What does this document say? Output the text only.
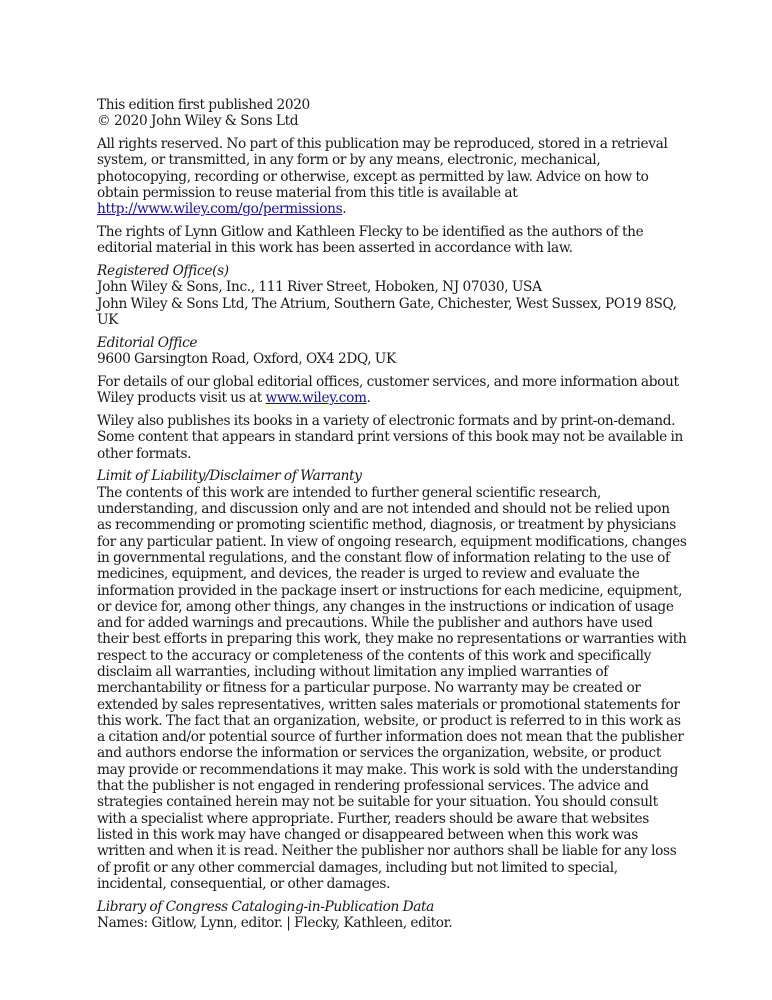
This edition first published 2020
© 2020 John Wiley & Sons Ltd

All rights reserved. No part of this publication may be reproduced, stored in a retrieval system, or transmitted, in any form or by any means, electronic, mechanical, photocopying, recording or otherwise, except as permitted by law. Advice on how to obtain permission to reuse material from this title is available at http://www.wiley.com/go/permissions.

The rights of Lynn Gitlow and Kathleen Flecky to be identified as the authors of the editorial material in this work has been asserted in accordance with law.

Registered Office(s)
John Wiley & Sons, Inc., 111 River Street, Hoboken, NJ 07030, USA
John Wiley & Sons Ltd, The Atrium, Southern Gate, Chichester, West Sussex, PO19 8SQ, UK
Editorial Office
9600 Garsington Road, Oxford, OX4 2DQ, UK

For details of our global editorial offices, customer services, and more information about Wiley products visit us at www.wiley.com.

Wiley also publishes its books in a variety of electronic formats and by print-on-demand. Some content that appears in standard print versions of this book may not be available in other formats.

Limit of Liability/Disclaimer of Warranty

The contents of this work are intended to further general scientific research, understanding, and discussion only and are not intended and should not be relied upon as recommending or promoting scientific method, diagnosis, or treatment by physicians for any particular patient. In view of ongoing research, equipment modifications, changes in governmental regulations, and the constant flow of information relating to the use of medicines, equipment, and devices, the reader is urged to review and evaluate the information provided in the package insert or instructions for each medicine, equipment, or device for, among other things, any changes in the instructions or indication of usage and for added warnings and precautions. While the publisher and authors have used their best efforts in preparing this work, they make no representations or warranties with respect to the accuracy or completeness of the contents of this work and specifically disclaim all warranties, including without limitation any implied warranties of merchantability or fitness for a particular purpose. No warranty may be created or extended by sales representatives, written sales materials or promotional statements for this work. The fact that an organization, website, or product is referred to in this work as a citation and/or potential source of further information does not mean that the publisher and authors endorse the information or services the organization, website, or product may provide or recommendations it may make. This work is sold with the understanding that the publisher is not engaged in rendering professional services. The advice and strategies contained herein may not be suitable for your situation. You should consult with a specialist where appropriate. Further, readers should be aware that websites listed in this work may have changed or disappeared between when this work was written and when it is read. Neither the publisher nor authors shall be liable for any loss of profit or any other commercial damages, including but not limited to special, incidental, consequential, or other damages.

Library of Congress Cataloging-in-Publication Data
Names: Gitlow, Lynn, editor. | Flecky, Kathleen, editor.
